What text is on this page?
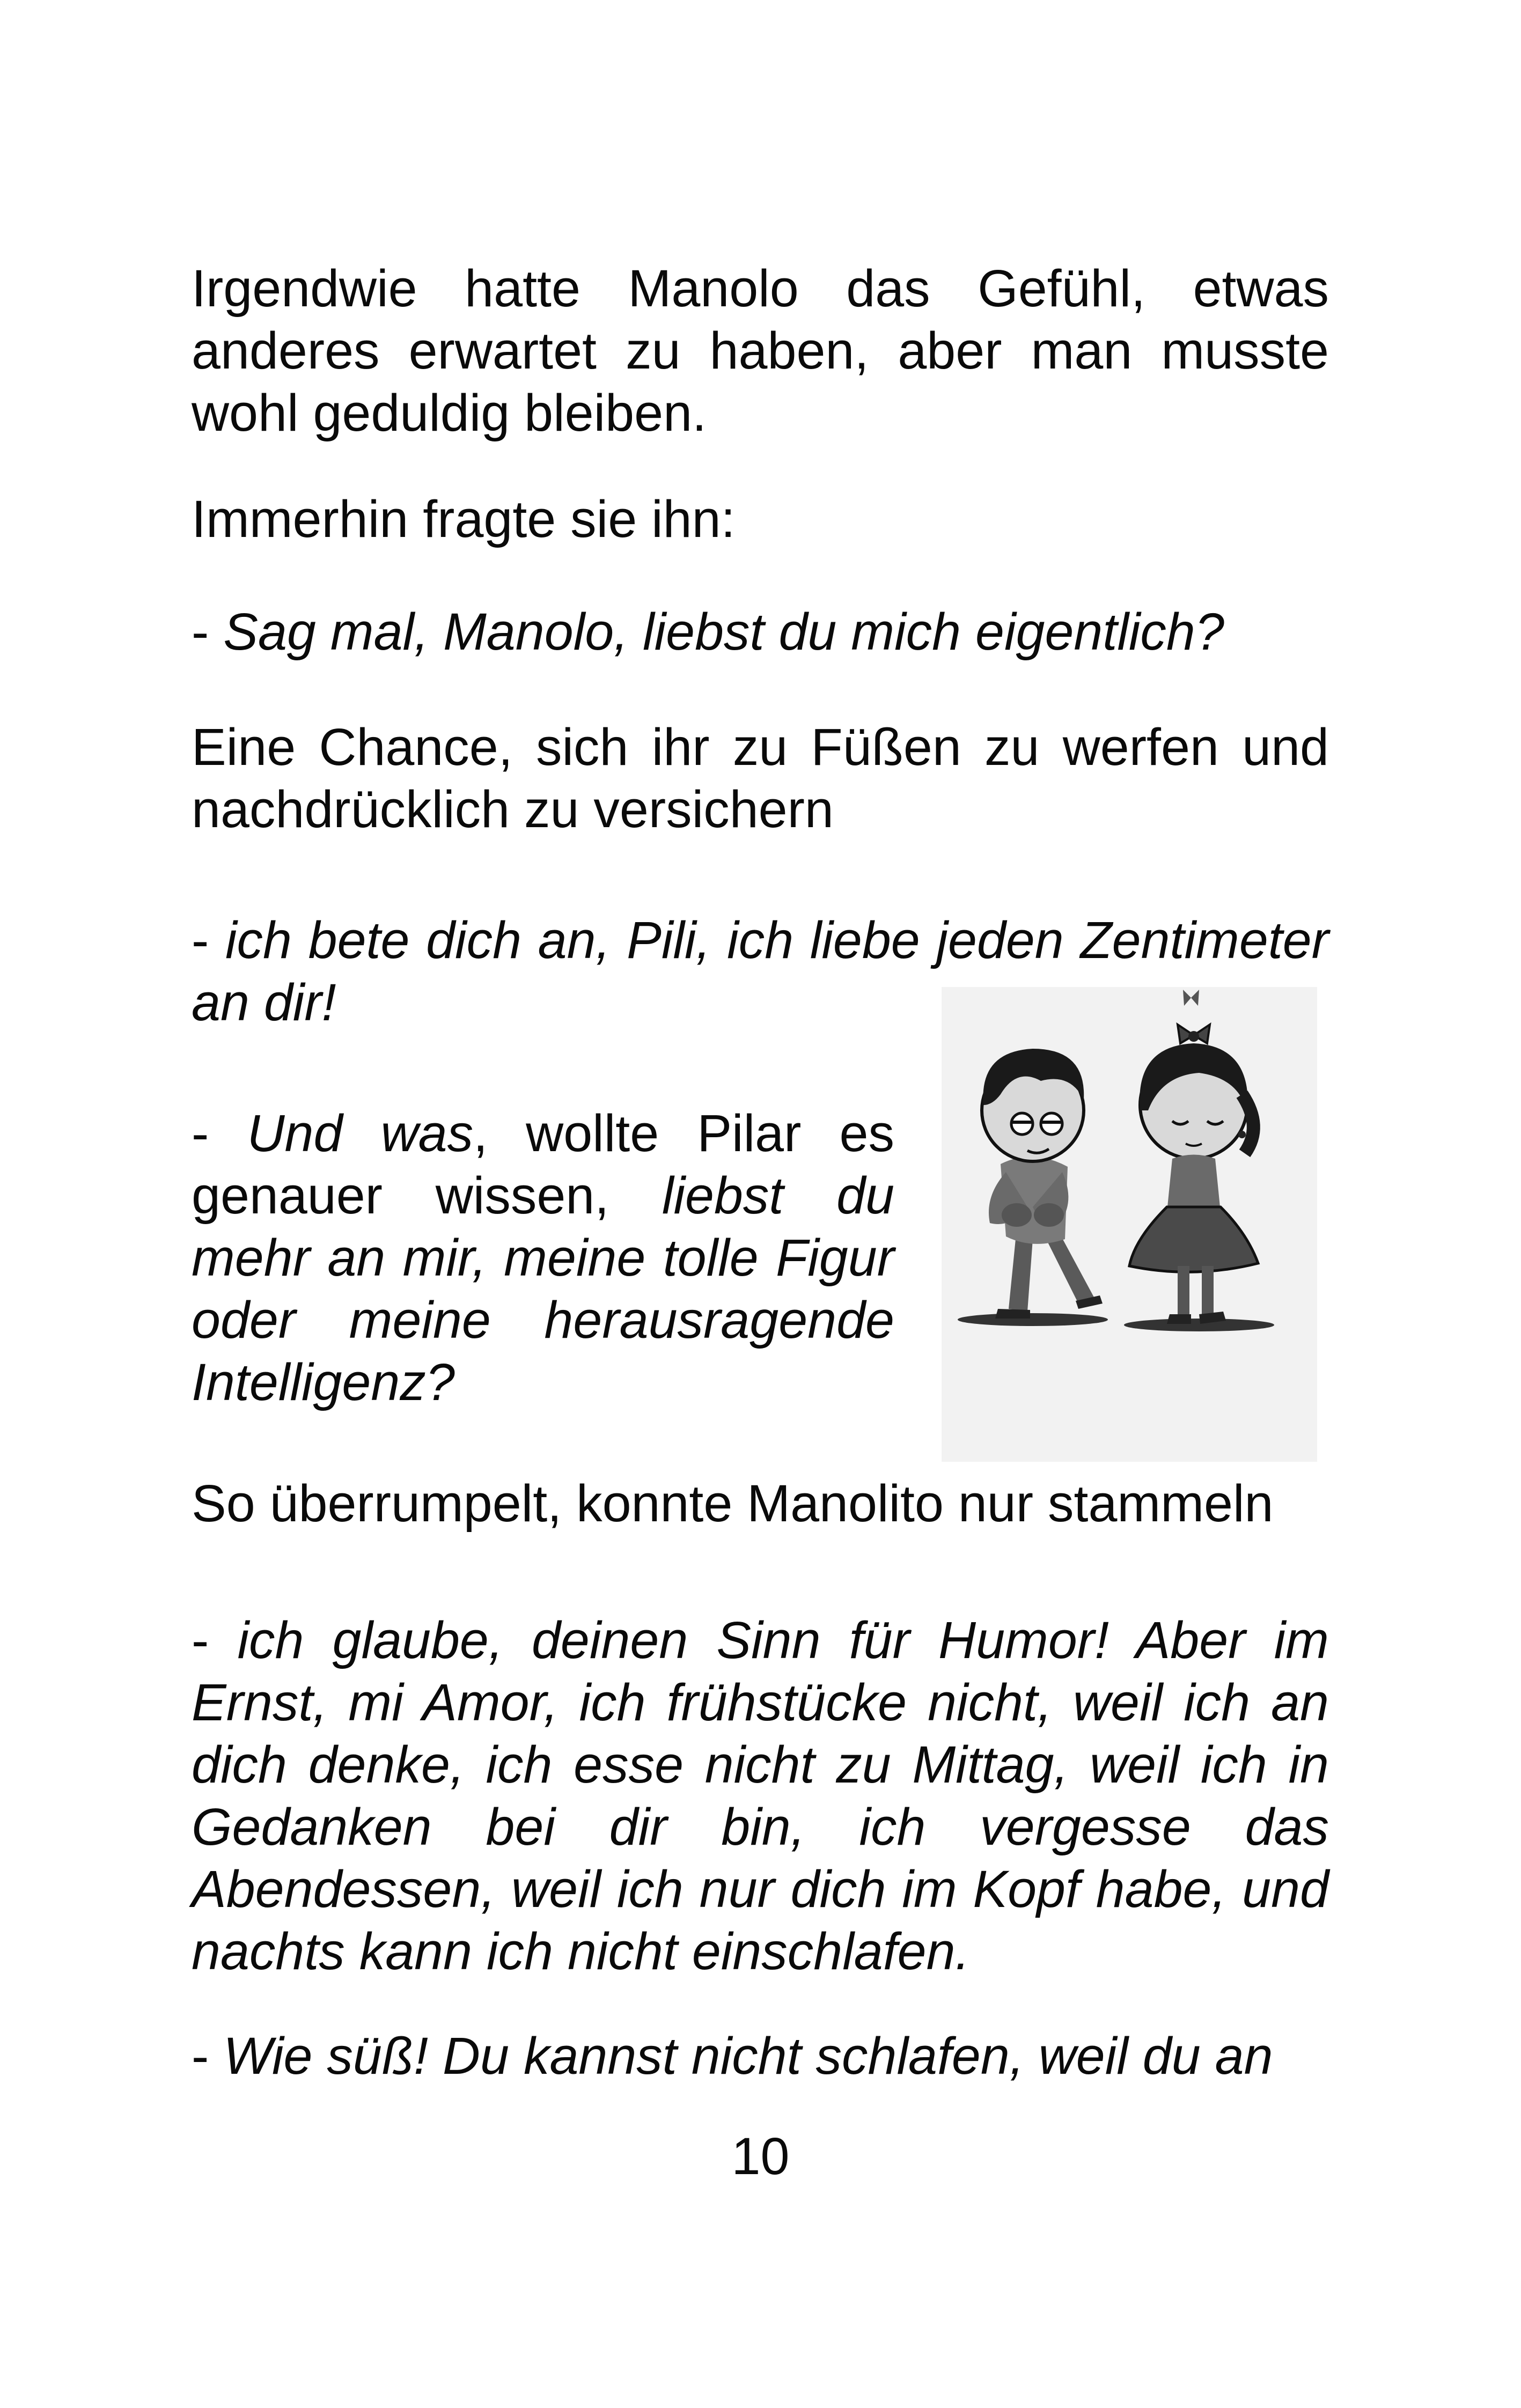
Irgendwie hatte Manolo das Gefühl, etwas anderes erwartet zu haben, aber man musste wohl geduldig bleiben.

Immerhin fragte sie ihn:

- Sag mal, Manolo, liebst du mich eigentlich?

Eine Chance, sich ihr zu Füßen zu werfen und nachdrücklich zu versichern

- ich bete dich an, Pili, ich liebe jeden Zentimeter an dir!

- Und was, wollte Pilar es genauer wissen, liebst du mehr an mir, meine tolle Figur oder meine herausragende Intelligenz?

So überrumpelt, konnte Manolito nur stammeln

- ich glaube, deinen Sinn für Humor! Aber im Ernst, mi Amor, ich frühstücke nicht, weil ich an dich denke, ich esse nicht zu Mittag, weil ich in Gedanken bei dir bin, ich vergesse das Abendessen, weil ich nur dich im Kopf habe, und nachts kann ich nicht einschlafen.

- Wie süß! Du kannst nicht schlafen, weil du an

10
